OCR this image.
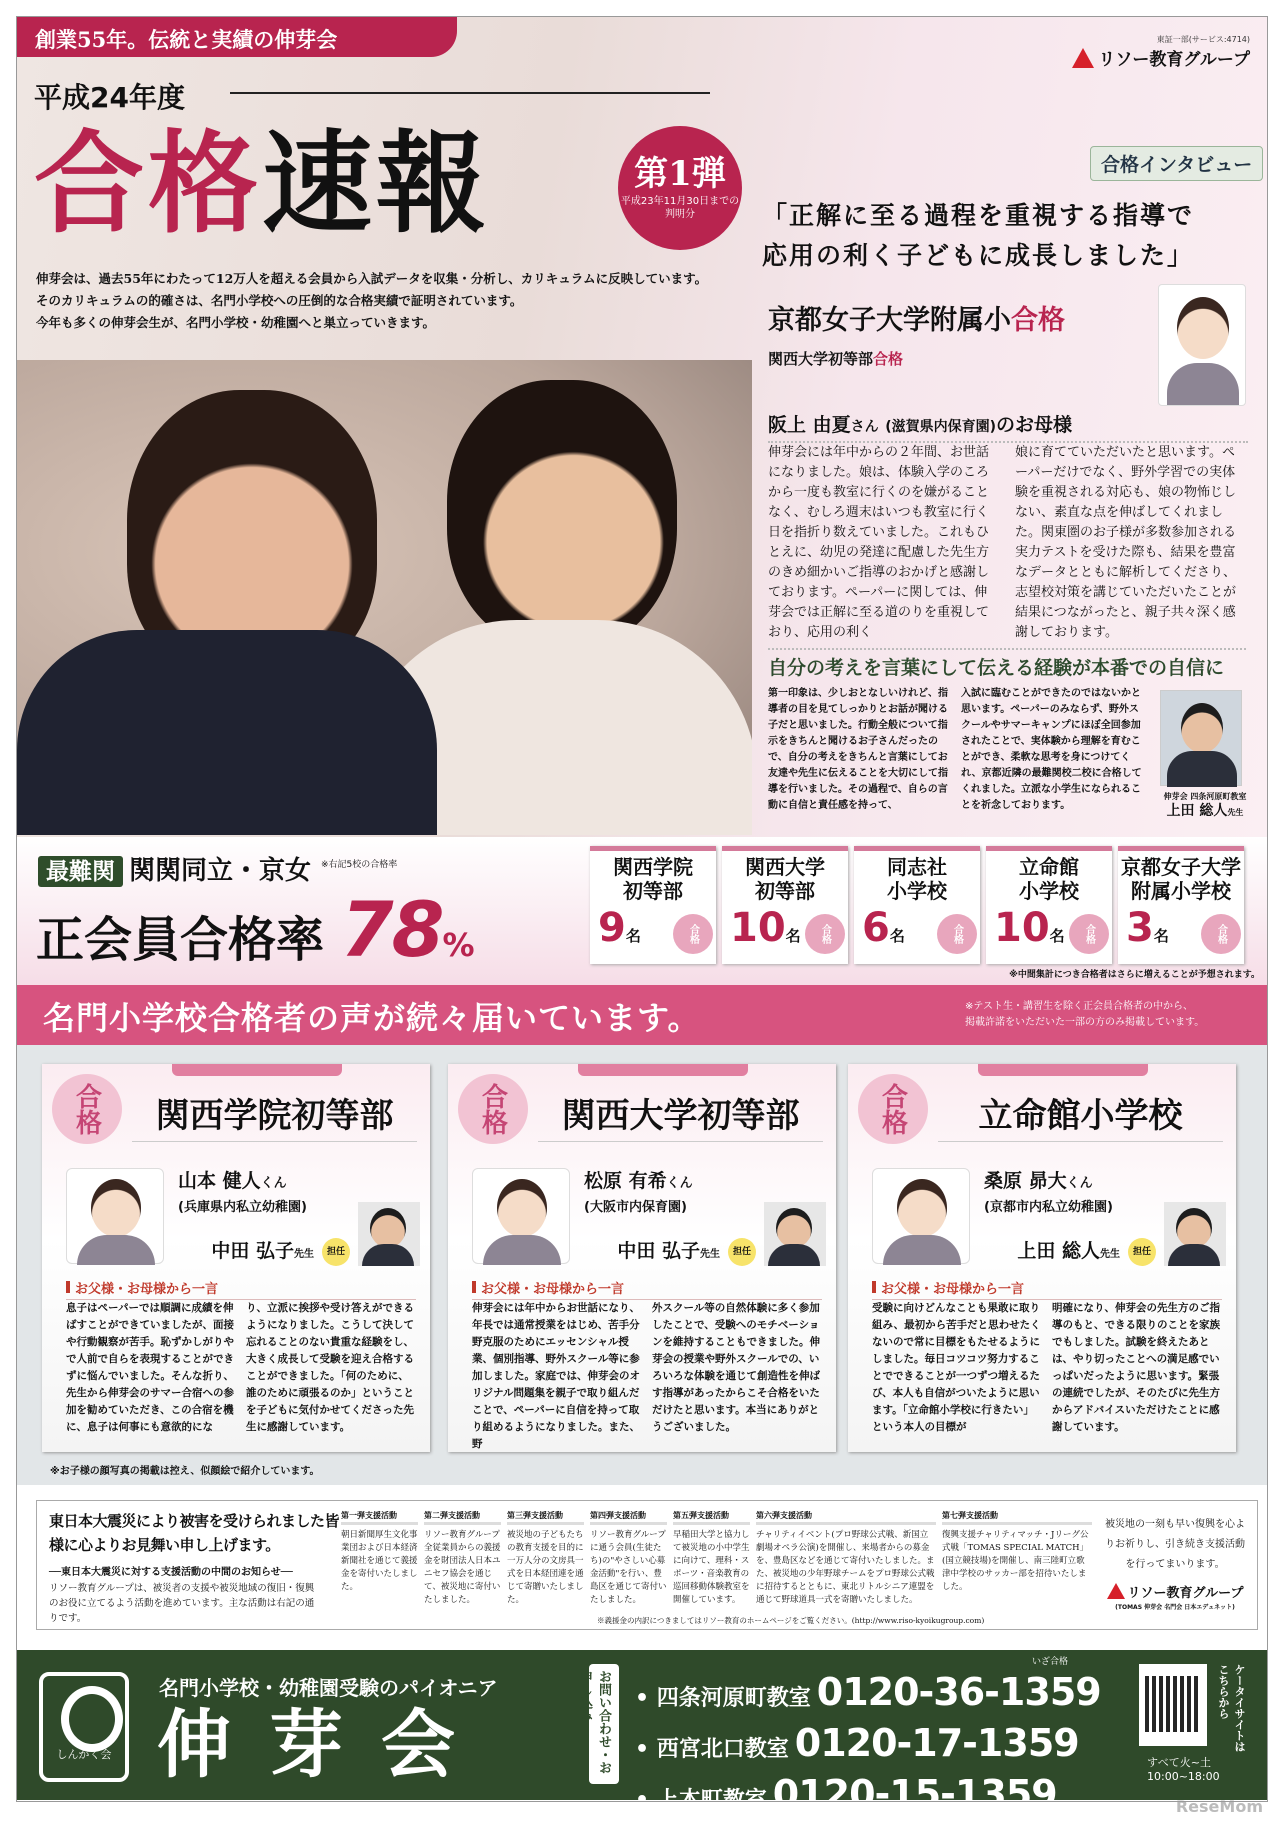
創業55年。伝統と実績の伸芽会	東証一部(サービス:4714)
リソー教育グループ
平成24年度
合格速報	第1弾
平成23年11月30日までの判明分
伸芽会は、過去55年にわたって12万人を超える会員から入試データを収集・分析し、カリキュラムに反映しています。
そのカリキュラムの的確さは、名門小学校への圧倒的な合格実績で証明されています。
今年も多くの伸芽会生が、名門小学校・幼稚園へと巣立っていきます。
合格インタビュー
「正解に至る過程を重視する指導で
応用の利く子どもに成長しました」
京都女子大学附属小合格
関西大学初等部合格
阪上 由夏さん (滋賀県内保育園)のお母様
伸芽会には年中からの２年間、お世話になりました。娘は、体験入学のころから一度も教室に行くのを嫌がることなく、むしろ週末はいつも教室に行く日を指折り数えていました。これもひとえに、幼児の発達に配慮した先生方のきめ細かいご指導のおかげと感謝しております。ペーパーに関しては、伸芽会では正解に至る道のりを重視しており、応用の利く
娘に育てていただいたと思います。ペーパーだけでなく、野外学習での実体験を重視される対応も、娘の物怖じしない、素直な点を伸ばしてくれました。関東圏のお子様が多数参加される実力テストを受けた際も、結果を豊富なデータとともに解析してくださり、志望校対策を講じていただいたことが結果につながったと、親子共々深く感謝しております。
自分の考えを言葉にして伝える経験が本番での自信に
第一印象は、少しおとなしいけれど、指導者の目を見てしっかりとお話が聞ける子だと思いました。行動全般について指示をきちんと聞けるお子さんだったので、自分の考えをきちんと言葉にしてお友達や先生に伝えることを大切にして指導を行いました。その過程で、自らの言動に自信と責任感を持って、
入試に臨むことができたのではないかと思います。ペーパーのみならず、野外スクールやサマーキャンプにほぼ全回参加されたことで、実体験から理解を育むことができ、柔軟な思考を身につけてくれ、京都近隣の最難関校二校に合格してくれました。立派な小学生になられることを祈念しております。
伸芽会 四条河原町教室
上田 総人先生
最難関 関関同立・京女 $^{※右記5校の合格率}$
正会員合格率 78%
関西学院
初等部
9名	合格
関西大学
初等部
10名	合格
同志社
小学校
6名	合格
立命館
小学校
10名	合格
京都女子大学
附属小学校
3名	合格
※中間集計につき合格者はさらに増えることが予想されます。
名門小学校合格者の声が続々届いています。	※テスト生・講習生を除く正会員合格者の中から、
掲載許諾をいただいた一部の方のみ掲載しています。

合格	関西学院初等部
山本 健人くん
(兵庫県内私立幼稚園)
中田 弘子先生	担任
お父様・お母様から一言
息子はペーパーでは順調に成績を伸ばすことができていましたが、面接や行動観察が苦手。恥ずかしがりやで人前で自らを表現することができずに悩んでいました。そんな折り、先生から伸芽会のサマー合宿への参加を勧めていただき、この合宿を機に、息子は何事にも意欲的にな
り、立派に挨拶や受け答えができるようになりました。こうして決して忘れることのない貴重な経験をし、大きく成長して受験を迎え合格することができました。「何のために、誰のために頑張るのか」ということを子どもに気付かせてくださった先生に感謝しています。
合格	関西大学初等部
松原 有希くん
(大阪市内保育園)
中田 弘子先生	担任
お父様・お母様から一言
伸芽会には年中からお世話になり、年長では通常授業をはじめ、苦手分野克服のためにエッセンシャル授業、個別指導、野外スクール等に参加しました。家庭では、伸芽会のオリジナル問題集を親子で取り組んだことで、ペーパーに自信を持って取り組めるようになりました。また、野
外スクール等の自然体験に多く参加したことで、受験へのモチベーションを維持することもできました。伸芽会の授業や野外スクールでの、いろいろな体験を通じて創造性を伸ばす指導があったからこそ合格をいただけたと思います。本当にありがとうございました。
合格	立命館小学校
桑原 昴大くん
(京都市内私立幼稚園)
上田 総人先生	担任
お父様・お母様から一言
受験に向けどんなことも果敢に取り組み、最初から苦手だと思わせたくないので常に目標をもたせるようにしました。毎日コツコツ努力することでできることが一つずつ増えるたび、本人も自信がついたように思います。「立命館小学校に行きたい」という本人の目標が
明確になり、伸芽会の先生方のご指導のもと、できる限りのことを家族でもしました。試験を終えたあとは、やり切ったことへの満足感でいっぱいだったように思います。緊張の連続でしたが、そのたびに先生方からアドバイスいただけたことに感謝しています。
※お子様の顔写真の掲載は控え、似顔絵で紹介しています。
東日本大震災により被害を受けられました皆様に心よりお見舞い申し上げます。
──東日本大震災に対する支援活動の中間のお知らせ──
リソー教育グループは、被災者の支援や被災地域の復旧・復興のお役に立てるよう活動を進めています。主な活動は右記の通りです。
第一弾支援活動
朝日新聞厚生文化事業団および日本経済新聞社を通じて義援金を寄付いたしました。
第二弾支援活動
リソー教育グループ全従業員からの義援金を財団法人日本ユニセフ協会を通じて、被災地に寄付いたしました。
第三弾支援活動
被災地の子どもたちの教育支援を目的に一万人分の文房具一式を日本経団連を通じて寄贈いたしました。
第四弾支援活動
リソー教育グループに通う会員(生徒たち)の"やさしい心募金活動"を行い、豊島区を通じて寄付いたしました。
第五弾支援活動
早稲田大学と協力して被災地の小中学生に向けて、理科・スポーツ・音楽教育の巡回移動体験教室を開催しています。
第六弾支援活動
チャリティイベント(プロ野球公式戦、新国立劇場オペラ公演)を開催し、来場者からの募金を、豊島区などを通じて寄付いたしました。また、被災地の少年野球チームをプロ野球公式戦に招待するとともに、東北リトルシニア連盟を通じて野球道具一式を寄贈いたしました。
第七弾支援活動
復興支援チャリティマッチ・Jリーグ公式戦「TOMAS SPECIAL MATCH」(国立競技場)を開催し、南三陸町立歌津中学校のサッカー部を招待いたしました。
※義援金の内訳につきましてはリソー教育のホームページをご覧ください。(http://www.riso-kyoikugroup.com)
被災地の一刻も早い復興を心よりお祈りし、引き続き支援活動を行ってまいります。
リソー教育グループ
(TOMAS 伸芽会 名門会 日本エデュネット)
しんがく会
名門小学校・幼稚園受験のパイオニア
伸芽会	お問い合わせ・お申し込み
いざ合格
• 四条河原町教室 0120-36-1359
• 西宮北口教室 0120-17-1359
• 上本町教室 0120-15-1359
ケータイサイトはこちらから
すべて火~土
10:00~18:00
ReseMom
